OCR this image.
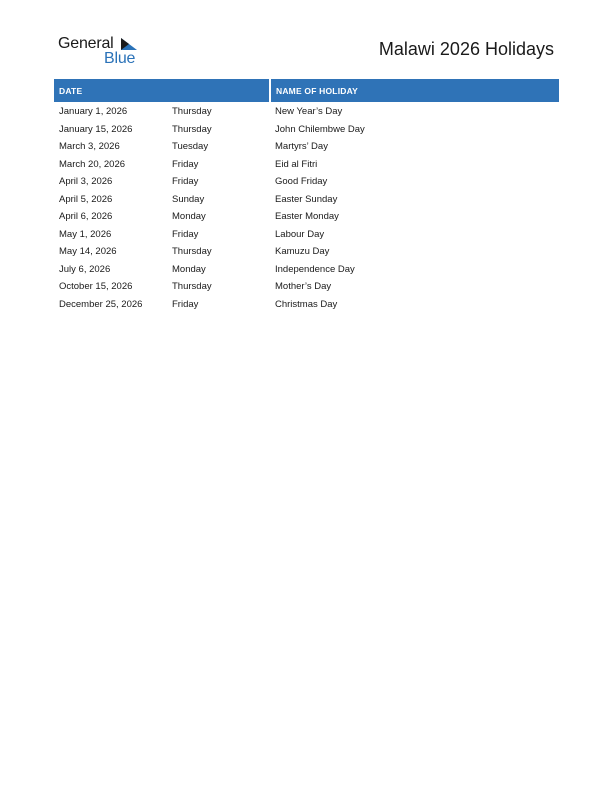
General
Blue	Malawi 2026 Holidays
DATE		NAME OF HOLIDAY
January 1, 2026	Thursday	New Year’s Day
January 15, 2026	Thursday	John Chilembwe Day
March 3, 2026	Tuesday	Martyrs’ Day
March 20, 2026	Friday	Eid al Fitri
April 3, 2026	Friday	Good Friday
April 5, 2026	Sunday	Easter Sunday
April 6, 2026	Monday	Easter Monday
May 1, 2026	Friday	Labour Day
May 14, 2026	Thursday	Kamuzu Day
July 6, 2026	Monday	Independence Day
October 15, 2026	Thursday	Mother’s Day
December 25, 2026	Friday	Christmas Day
